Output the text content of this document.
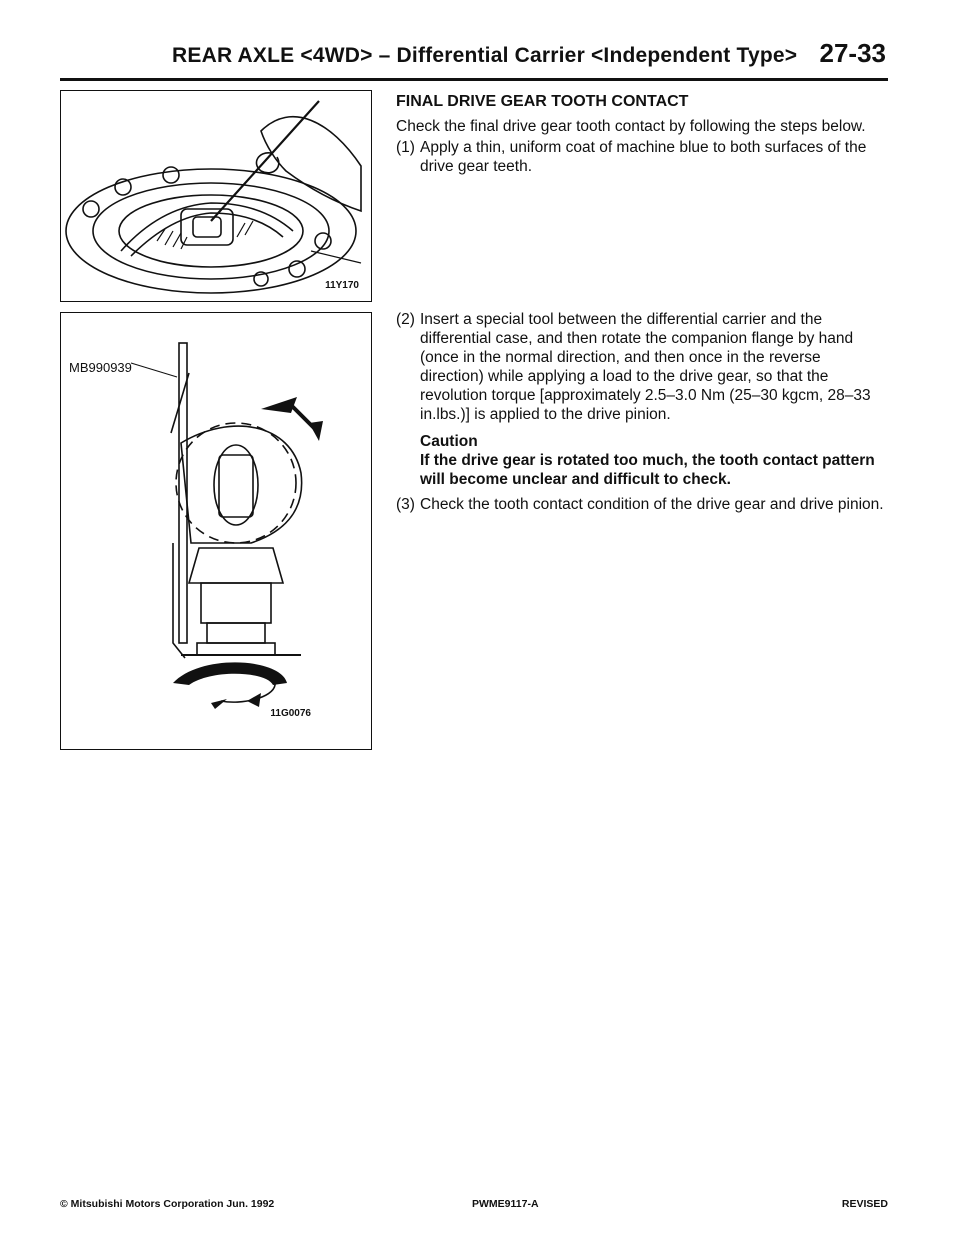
REAR AXLE <4WD> – Differential Carrier <Independent Type> 27-33
11Y170
MB990939
11G0076
FINAL DRIVE GEAR TOOTH CONTACT

Check the final drive gear tooth contact by following the steps below.

(1) Apply a thin, uniform coat of machine blue to both surfaces of the drive gear teeth.
(2) Insert a special tool between the differential carrier and the differential case, and then rotate the companion flange by hand (once in the normal direction, and then once in the reverse direction) while applying a load to the drive gear, so that the revolution torque [approximately 2.5–3.0 Nm (25–30 kgcm, 28–33 in.lbs.)] is applied to the drive pinion.
Caution
If the drive gear is rotated too much, the tooth contact pattern will become unclear and difficult to check.
(3) Check the tooth contact condition of the drive gear and drive pinion.
© Mitsubishi Motors Corporation Jun. 1992	PWME9117-A	REVISED
